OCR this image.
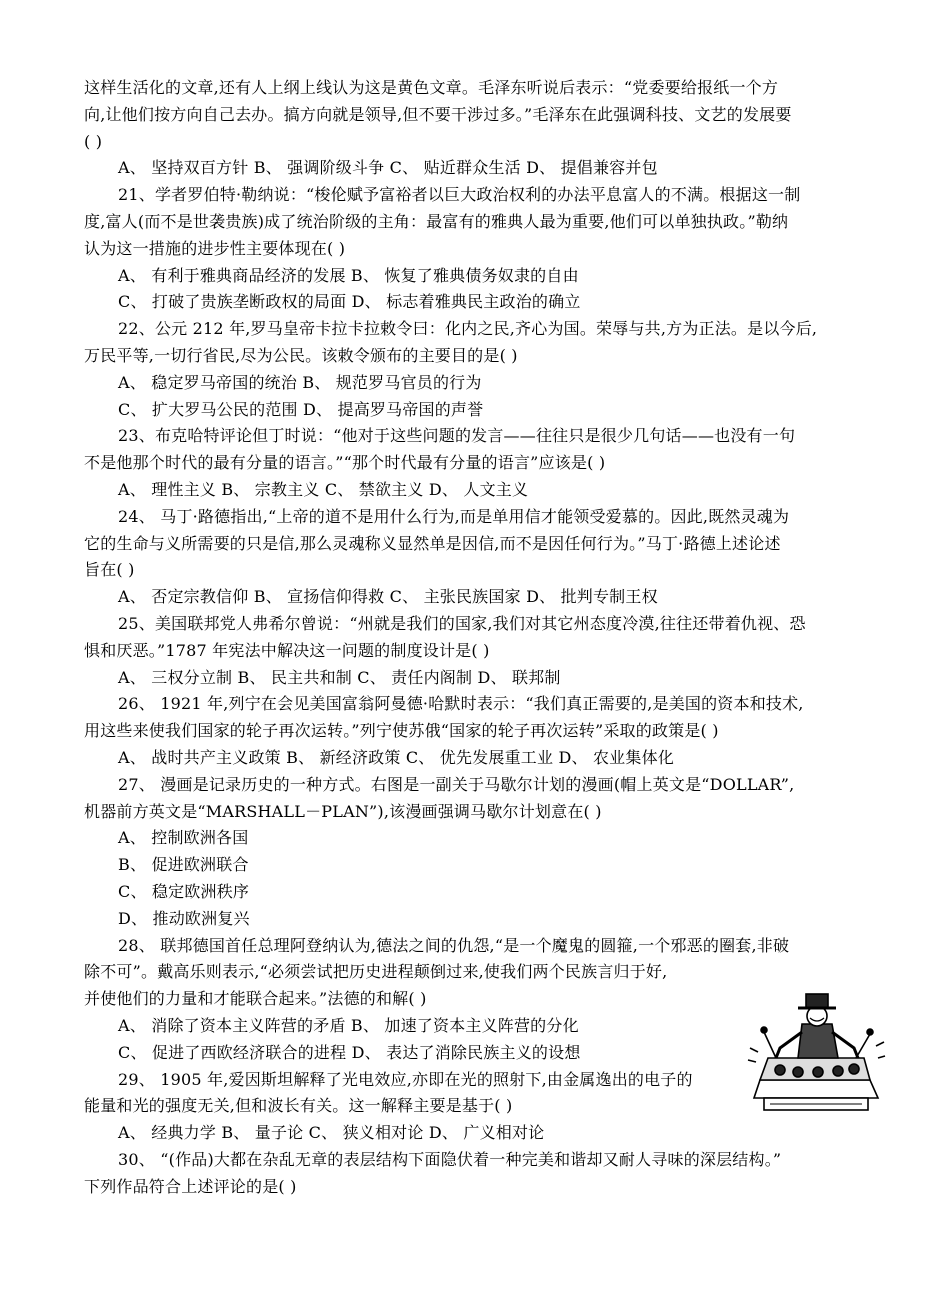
这样生活化的文章,还有人上纲上线认为这是黄色文章。毛泽东听说后表示：“党委要给报纸一个方
向,让他们按方向自己去办。搞方向就是领导,但不要干涉过多。”毛泽东在此强调科技、文艺的发展要
( )
A、 坚持双百方针 B、 强调阶级斗争 C、 贴近群众生活 D、 提倡兼容并包
21、学者罗伯特·勒纳说：“梭伦赋予富裕者以巨大政治权利的办法平息富人的不满。根据这一制
度,富人(而不是世袭贵族)成了统治阶级的主角：最富有的雅典人最为重要,他们可以单独执政。”勒纳
认为这一措施的进步性主要体现在( )
A、 有利于雅典商品经济的发展 B、 恢复了雅典债务奴隶的自由
C、 打破了贵族垄断政权的局面 D、 标志着雅典民主政治的确立
22、公元 212 年,罗马皇帝卡拉卡拉敕令曰：化内之民,齐心为国。荣辱与共,方为正法。是以今后,
万民平等,一切行省民,尽为公民。该敕令颁布的主要目的是( )
A、 稳定罗马帝国的统治 B、 规范罗马官员的行为
C、 扩大罗马公民的范围 D、 提高罗马帝国的声誉
23、布克哈特评论但丁时说：“他对于这些问题的发言——往往只是很少几句话——也没有一句
不是他那个时代的最有分量的语言。”“那个时代最有分量的语言”应该是( )
A、 理性主义 B、 宗教主义 C、 禁欲主义 D、 人文主义
24、 马丁·路德指出,“上帝的道不是用什么行为,而是单用信才能领受爱慕的。因此,既然灵魂为
它的生命与义所需要的只是信,那么灵魂称义显然单是因信,而不是因任何行为。”马丁·路德上述论述
旨在( )
A、 否定宗教信仰 B、 宣扬信仰得救 C、 主张民族国家 D、 批判专制王权
25、美国联邦党人弗希尔曾说：“州就是我们的国家,我们对其它州态度冷漠,往往还带着仇视、恐
惧和厌恶。”1787 年宪法中解决这一问题的制度设计是( )
A、 三权分立制 B、 民主共和制 C、 责任内阁制 D、 联邦制
26、 1921 年,列宁在会见美国富翁阿曼德·哈默时表示：“我们真正需要的,是美国的资本和技术,
用这些来使我们国家的轮子再次运转。”列宁使苏俄“国家的轮子再次运转”采取的政策是( )
A、 战时共产主义政策 B、 新经济政策 C、 优先发展重工业 D、 农业集体化
27、 漫画是记录历史的一种方式。右图是一副关于马歇尔计划的漫画(帽上英文是“DOLLAR”,
机器前方英文是“MARSHALL－PLAN”),该漫画强调马歇尔计划意在( )
A、 控制欧洲各国
B、 促进欧洲联合
C、 稳定欧洲秩序
D、 推动欧洲复兴
28、 联邦德国首任总理阿登纳认为,德法之间的仇怨,“是一个魔鬼的圆箍,一个邪恶的圈套,非破
除不可”。戴高乐则表示,“必须尝试把历史进程颠倒过来,使我们两个民族言归于好,
并使他们的力量和才能联合起来。”法德的和解( )
A、 消除了资本主义阵营的矛盾 B、 加速了资本主义阵营的分化
C、 促进了西欧经济联合的进程 D、 表达了消除民族主义的设想
29、 1905 年,爱因斯坦解释了光电效应,亦即在光的照射下,由金属逸出的电子的
能量和光的强度无关,但和波长有关。这一解释主要是基于( )
A、 经典力学 B、 量子论 C、 狭义相对论 D、 广义相对论
30、 “(作品)大都在杂乱无章的表层结构下面隐伏着一种完美和谐却又耐人寻味的深层结构。”
下列作品符合上述评论的是( )
